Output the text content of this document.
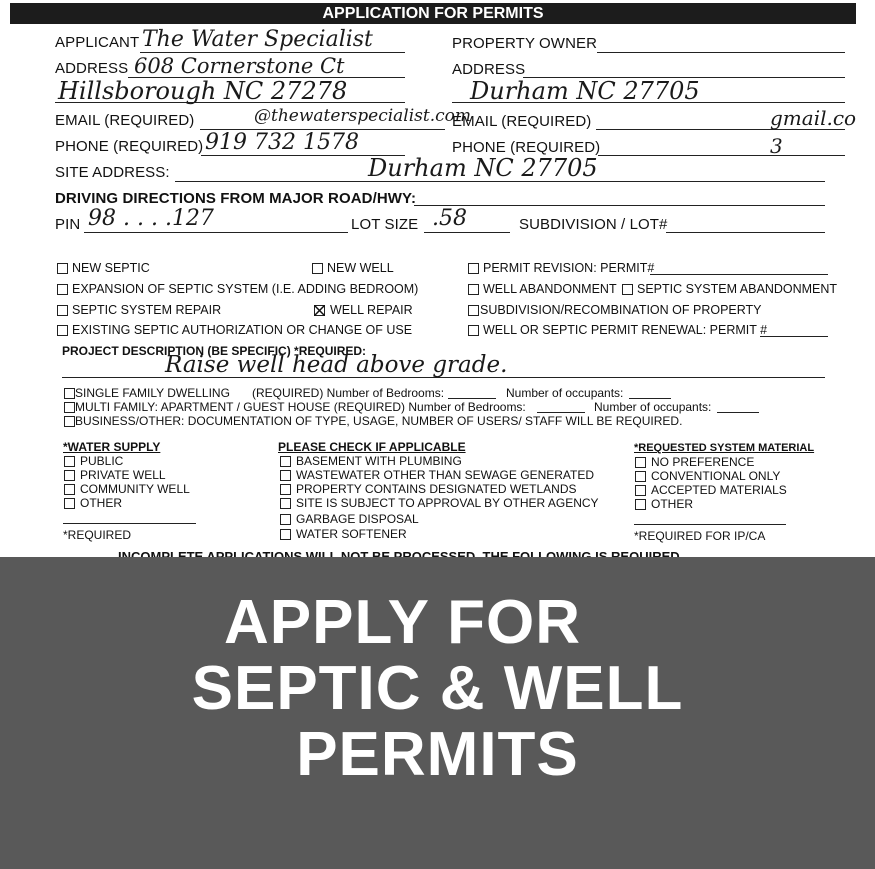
APPLICATION FOR PERMITS
APPLICANT The Water Specialist	PROPERTY OWNER
ADDRESS 608 Cornerstone Ct	ADDRESS
Hillsborough NC 27278	Durham NC 27705
EMAIL (REQUIRED)	@thewaterspecialist.com
EMAIL (REQUIRED)	gmail.co
PHONE (REQUIRED) 919 732 1578	PHONE (REQUIRED)	3
SITE ADDRESS:	Durham NC 27705
DRIVING DIRECTIONS FROM MAJOR ROAD/HWY:
PIN 98 . . . .127	LOT SIZE .58	SUBDIVISION / LOT#
NEW SEPTIC	NEW WELL	PERMIT REVISION: PERMIT#
EXPANSION OF SEPTIC SYSTEM (I.E. ADDING BEDROOM)	WELL ABANDONMENT SEPTIC SYSTEM ABANDONMENT
SEPTIC SYSTEM REPAIR	WELL REPAIR	SUBDIVISION/RECOMBINATION OF PROPERTY
EXISTING SEPTIC AUTHORIZATION OR CHANGE OF USE	WELL OR SEPTIC PERMIT RENEWAL: PERMIT #
PROJECT DESCRIPTION (BE SPECIFIC) *REQUIRED:
Raise well head above grade.
SINGLE FAMILY DWELLING (REQUIRED) Number of Bedrooms:	Number of occupants:
MULTI FAMILY: APARTMENT / GUEST HOUSE (REQUIRED) Number of Bedrooms:	Number of occupants:
BUSINESS/OTHER: DOCUMENTATION OF TYPE, USAGE, NUMBER OF USERS/ STAFF WILL BE REQUIRED.
*WATER SUPPLY
PUBLIC
PRIVATE WELL
COMMUNITY WELL
OTHER
*REQUIRED
PLEASE CHECK IF APPLICABLE
BASEMENT WITH PLUMBING
WASTEWATER OTHER THAN SEWAGE GENERATED
PROPERTY CONTAINS DESIGNATED WETLANDS
SITE IS SUBJECT TO APPROVAL BY OTHER AGENCY
GARBAGE DISPOSAL
WATER SOFTENER
*REQUESTED SYSTEM MATERIAL
NO PREFERENCE
CONVENTIONAL ONLY
ACCEPTED MATERIALS
OTHER
*REQUIRED FOR IP/CA
APPLY FOR
SEPTIC & WELL
PERMITS
